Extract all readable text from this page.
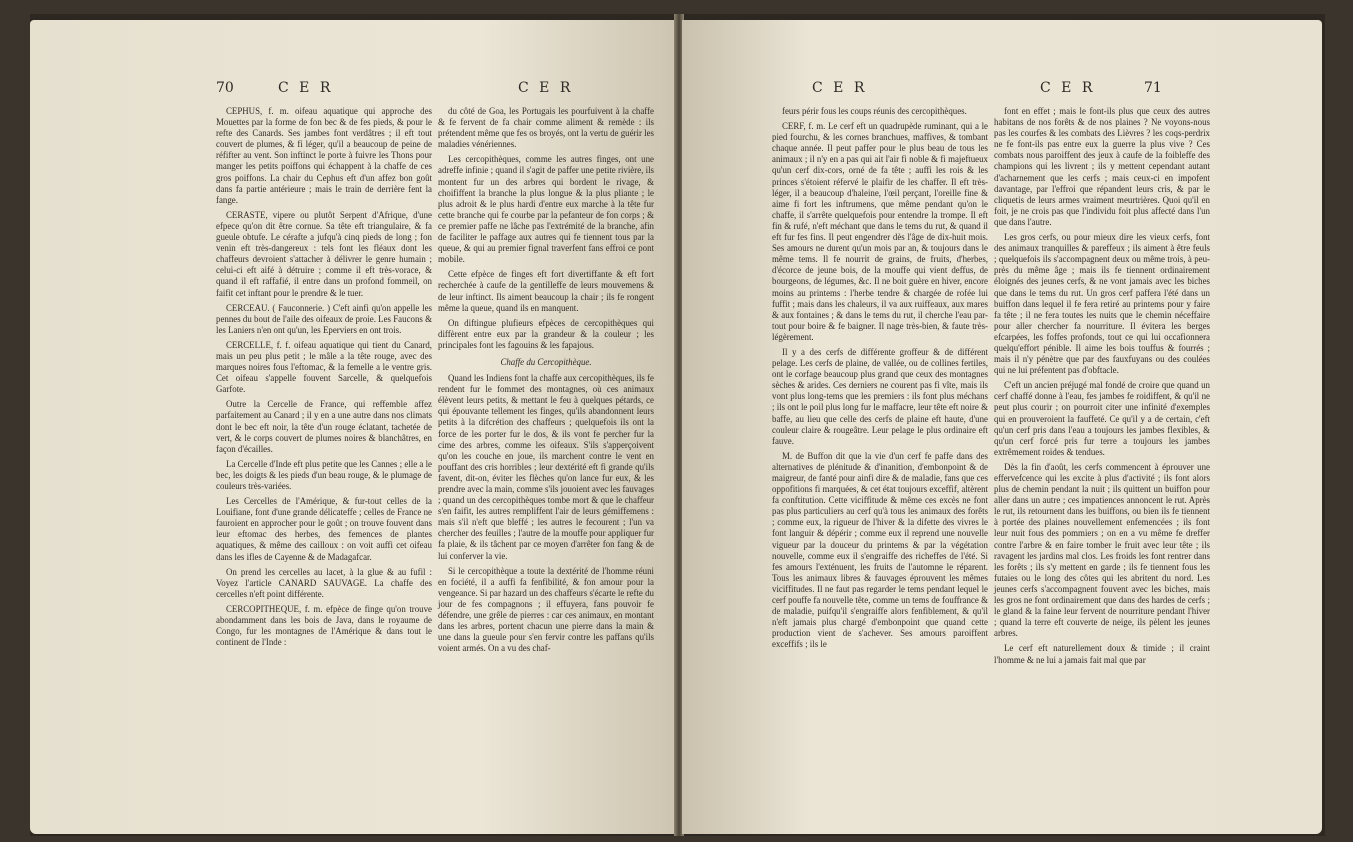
70	C E R	C E R

CEPHUS, f. m. oifeau aquatique qui approche des Mouettes par la forme de fon bec & de fes pieds, & pour le refte des Canards. Ses jambes font verdâtres ; il eft tout couvert de plumes, & fi léger, qu'il a beaucoup de peine de réfifter au vent. Son inftinct le porte à fuivre les Thons pour manger les petits poiffons qui échappent à la chaffe de ces gros poiffons. La chair du Cephus eft d'un affez bon goût dans fa partie antérieure ; mais le train de derrière fent la fange.

CERASTE, vipere ou plutôt Serpent d'Afrique, d'une efpece qu'on dit être cornue. Sa tête eft triangulaire, & fa gueule obtufe. Le cérafte a jufqu'à cinq pieds de long ; fon venin eft très-dangereux : tels font les fléaux dont les chaffeurs devroient s'attacher à délivrer le genre humain ; celui-ci eft aifé à détruire ; comme il eft très-vorace, & quand il eft raffafié, il entre dans un profond fommeil, on faifit cet inftant pour le prendre & le tuer.

CERCEAU. ( Fauconnerie. ) C'eft ainfi qu'on appelle les pennes du bout de l'aile des oifeaux de proie. Les Faucons & les Laniers n'en ont qu'un, les Eperviers en ont trois.

CERCELLE, f. f. oifeau aquatique qui tient du Canard, mais un peu plus petit ; le mâle a la tête rouge, avec des marques noires fous l'eftomac, & la femelle a le ventre gris. Cet oifeau s'appelle fouvent Sarcelle, & quelquefois Garfote.

Outre la Cercelle de France, qui reffemble affez parfaitement au Canard ; il y en a une autre dans nos climats dont le bec eft noir, la tête d'un rouge éclatant, tachetée de vert, & le corps couvert de plumes noires & blanchâtres, en façon d'écailles.

La Cercelle d'Inde eft plus petite que les Cannes ; elle a le bec, les doigts & les pieds d'un beau rouge, & le plumage de couleurs très-variées.

Les Cercelles de l'Amérique, & fur-tout celles de la Louifiane, font d'une grande délicateffe ; celles de France ne fauroient en approcher pour le goût ; on trouve fouvent dans leur eftomac des herbes, des femences de plantes aquatiques, & même des cailloux : on voit auffi cet oifeau dans les ifles de Cayenne & de Madagafcar.

On prend les cercelles au lacet, à la glue & au fufil : Voyez l'article CANARD SAUVAGE. La chaffe des cercelles n'eft point différente.

CERCOPITHEQUE, f. m. efpèce de finge qu'on trouve abondamment dans les bois de Java, dans le royaume de Congo, fur les montagnes de l'Amérique & dans tout le continent de l'Inde :

du côté de Goa, les Portugais les pourfuivent à la chaffe & fe fervent de fa chair comme aliment & remède : ils prétendent même que fes os broyés, ont la vertu de guérir les maladies vénériennes.

Les cercopithèques, comme les autres finges, ont une adreffe infinie ; quand il s'agit de paffer une petite rivière, ils montent fur un des arbres qui bordent le rivage, & choififfent la branche la plus longue & la plus pliante ; le plus adroit & le plus hardi d'entre eux marche à la tête fur cette branche qui fe courbe par la pefanteur de fon corps ; & ce premier paffe ne lâche pas l'extrémité de la branche, afin de faciliter le paffage aux autres qui fe tiennent tous par la queue, & qui au premier fignal traverfent fans effroi ce pont mobile.

Cette efpèce de finges eft fort divertiffante & eft fort recherchée à caufe de la gentilleffe de leurs mouvemens & de leur inftinct. Ils aiment beaucoup la chair ; ils fe rongent même la queue, quand ils en manquent.

On diftingue plufieurs efpèces de cercopithèques qui diffèrent entre eux par la grandeur & la couleur ; les principales font les fagouins & les fapajous.

Chaffe du Cercopithèque.

Quand les Indiens font la chaffe aux cercopithèques, ils fe rendent fur le fommet des montagnes, où ces animaux élèvent leurs petits, & mettant le feu à quelques pétards, ce qui épouvante tellement les finges, qu'ils abandonnent leurs petits à la difcrétion des chaffeurs ; quelquefois ils ont la force de les porter fur le dos, & ils vont fe percher fur la cime des arbres, comme les oifeaux. S'ils s'apperçoivent qu'on les couche en joue, ils marchent contre le vent en pouffant des cris horribles ; leur dextérité eft fi grande qu'ils favent, dit-on, éviter les flèches qu'on lance fur eux, & les prendre avec la main, comme s'ils jouoient avec les fauvages ; quand un des cercopithèques tombe mort & que le chaffeur s'en faifit, les autres rempliffent l'air de leurs gémiffemens : mais s'il n'eft que bleffé ; les autres le fecourent ; l'un va chercher des feuilles ; l'autre de la mouffe pour appliquer fur fa plaie, & ils tâchent par ce moyen d'arrêter fon fang & de lui conferver la vie.

Si le cercopithèque a toute la dextérité de l'homme réuni en fociété, il a auffi fa fenfibilité, & fon amour pour la vengeance. Si par hazard un des chaffeurs s'écarte le refte du jour de fes compagnons ; il effuyera, fans pouvoir fe défendre, une grêle de pierres : car ces animaux, en montant dans les arbres, portent chacun une pierre dans la main & une dans la gueule pour s'en fervir contre les paffans qu'ils voient armés. On a vu des chaf-

C E R	C E R	71

feurs périr fous les coups réunis des cercopithèques.

CERF, f. m. Le cerf eft un quadrupède ruminant, qui a le pied fourchu, & les cornes branchues, maffives, & tombant chaque année. Il peut paffer pour le plus beau de tous les animaux ; il n'y en a pas qui ait l'air fi noble & fi majeftueux qu'un cerf dix-cors, orné de fa tête ; auffi les rois & les princes s'étoient réfervé le plaifir de les chaffer. Il eft très-léger, il a beaucoup d'haleine, l'œil perçant, l'oreille fine & aime fi fort les inftrumens, que même pendant qu'on le chaffe, il s'arrête quelquefois pour entendre la trompe. Il eft fin & rufé, n'eft méchant que dans le tems du rut, & quand il eft fur fes fins. Il peut engendrer dès l'âge de dix-huit mois. Ses amours ne durent qu'un mois par an, & toujours dans le même tems. Il fe nourrit de grains, de fruits, d'herbes, d'écorce de jeune bois, de la mouffe qui vient deffus, de bourgeons, de légumes, &c. Il ne boit guère en hiver, encore moins au printems : l'herbe tendre & chargée de rofée lui fuffit ; mais dans les chaleurs, il va aux ruiffeaux, aux mares & aux fontaines ; & dans le tems du rut, il cherche l'eau par-tout pour boire & fe baigner. Il nage très-bien, & faute très-légèrement.

Il y a des cerfs de différente groffeur & de différent pelage. Les cerfs de plaine, de vallée, ou de collines fertiles, ont le corfage beaucoup plus grand que ceux des montagnes sèches & arides. Ces derniers ne courent pas fi vîte, mais ils vont plus long-tems que les premiers : ils font plus méchans ; ils ont le poil plus long fur le maffacre, leur tête eft noire & baffe, au lieu que celle des cerfs de plaine eft haute, d'une couleur claire & rougeâtre. Leur pelage le plus ordinaire eft fauve.

M. de Buffon dit que la vie d'un cerf fe paffe dans des alternatives de plénitude & d'inanition, d'embonpoint & de maigreur, de fanté pour ainfi dire & de maladie, fans que ces oppofitions fi marquées, & cet état toujours exceffif, altèrent fa conftitution. Cette viciffitude & même ces excès ne font pas plus particuliers au cerf qu'à tous les animaux des forêts ; comme eux, la rigueur de l'hiver & la difette des vivres le font languir & dépérir ; comme eux il reprend une nouvelle vigueur par la douceur du printems & par la végétation nouvelle, comme eux il s'engraiffe des richeffes de l'été. Si fes amours l'exténuent, les fruits de l'automne le réparent. Tous les animaux libres & fauvages éprouvent les mêmes viciffitudes. Il ne faut pas regarder le tems pendant lequel le cerf pouffe fa nouvelle tête, comme un tems de fouffrance & de maladie, puifqu'il s'engraiffe alors fenfiblement, & qu'il n'eft jamais plus chargé d'embonpoint que quand cette production vient de s'achever. Ses amours paroiffent exceffifs ; ils le

font en effet ; mais le font-ils plus que ceux des autres habitans de nos forêts & de nos plaines ? Ne voyons-nous pas les courfes & les combats des Lièvres ? les coqs-perdrix ne fe font-ils pas entre eux la guerre la plus vive ? Ces combats nous paroiffent des jeux à caufe de la foibleffe des champions qui les livrent ; ils y mettent cependant autant d'acharnement que les cerfs ; mais ceux-ci en impofent davantage, par l'effroi que répandent leurs cris, & par le cliquetis de leurs armes vraiment meurtrières. Quoi qu'il en foit, je ne crois pas que l'individu foit plus affecté dans l'un que dans l'autre.

Les gros cerfs, ou pour mieux dire les vieux cerfs, font des animaux tranquilles & pareffeux ; ils aiment à être feuls ; quelquefois ils s'accompagnent deux ou même trois, à peu-près du même âge ; mais ils fe tiennent ordinairement éloignés des jeunes cerfs, & ne vont jamais avec les biches que dans le tems du rut. Un gros cerf paffera l'été dans un buiffon dans lequel il fe fera retiré au printems pour y faire fa tête ; il ne fera toutes les nuits que le chemin néceffaire pour aller chercher fa nourriture. Il évitera les berges efcarpées, les foffes profonds, tout ce qui lui occafionnera quelqu'effort pénible. Il aime les bois touffus & fourrés ; mais il n'y pénètre que par des fauxfuyans ou des coulées qui ne lui préfentent pas d'obftacle.

C'eft un ancien préjugé mal fondé de croire que quand un cerf chaffé donne à l'eau, fes jambes fe roidiffent, & qu'il ne peut plus courir ; on pourroit citer une infinité d'exemples qui en prouveroient la fauffeté. Ce qu'il y a de certain, c'eft qu'un cerf pris dans l'eau a toujours les jambes flexibles, & qu'un cerf forcé pris fur terre a toujours les jambes extrêmement roides & tendues.

Dès la fin d'août, les cerfs commencent à éprouver une effervefcence qui les excite à plus d'activité ; ils font alors plus de chemin pendant la nuit ; ils quittent un buiffon pour aller dans un autre ; ces impatiences annoncent le rut. Après le rut, ils retournent dans les buiffons, ou bien ils fe tiennent à portée des plaines nouvellement enfemencées ; ils font leur nuit fous des pommiers ; on en a vu même fe dreffer contre l'arbre & en faire tomber le fruit avec leur tête ; ils ravagent les jardins mal clos. Les froids les font rentrer dans les forêts ; ils s'y mettent en garde ; ils fe tiennent fous les futaies ou le long des côtes qui les abritent du nord. Les jeunes cerfs s'accompagnent fouvent avec les biches, mais les gros ne font ordinairement que dans des hardes de cerfs ; le gland & la faine leur fervent de nourriture pendant l'hiver ; quand la terre eft couverte de neige, ils pèlent les jeunes arbres.

Le cerf eft naturellement doux & timide ; il craint l'homme & ne lui a jamais fait mal que par
